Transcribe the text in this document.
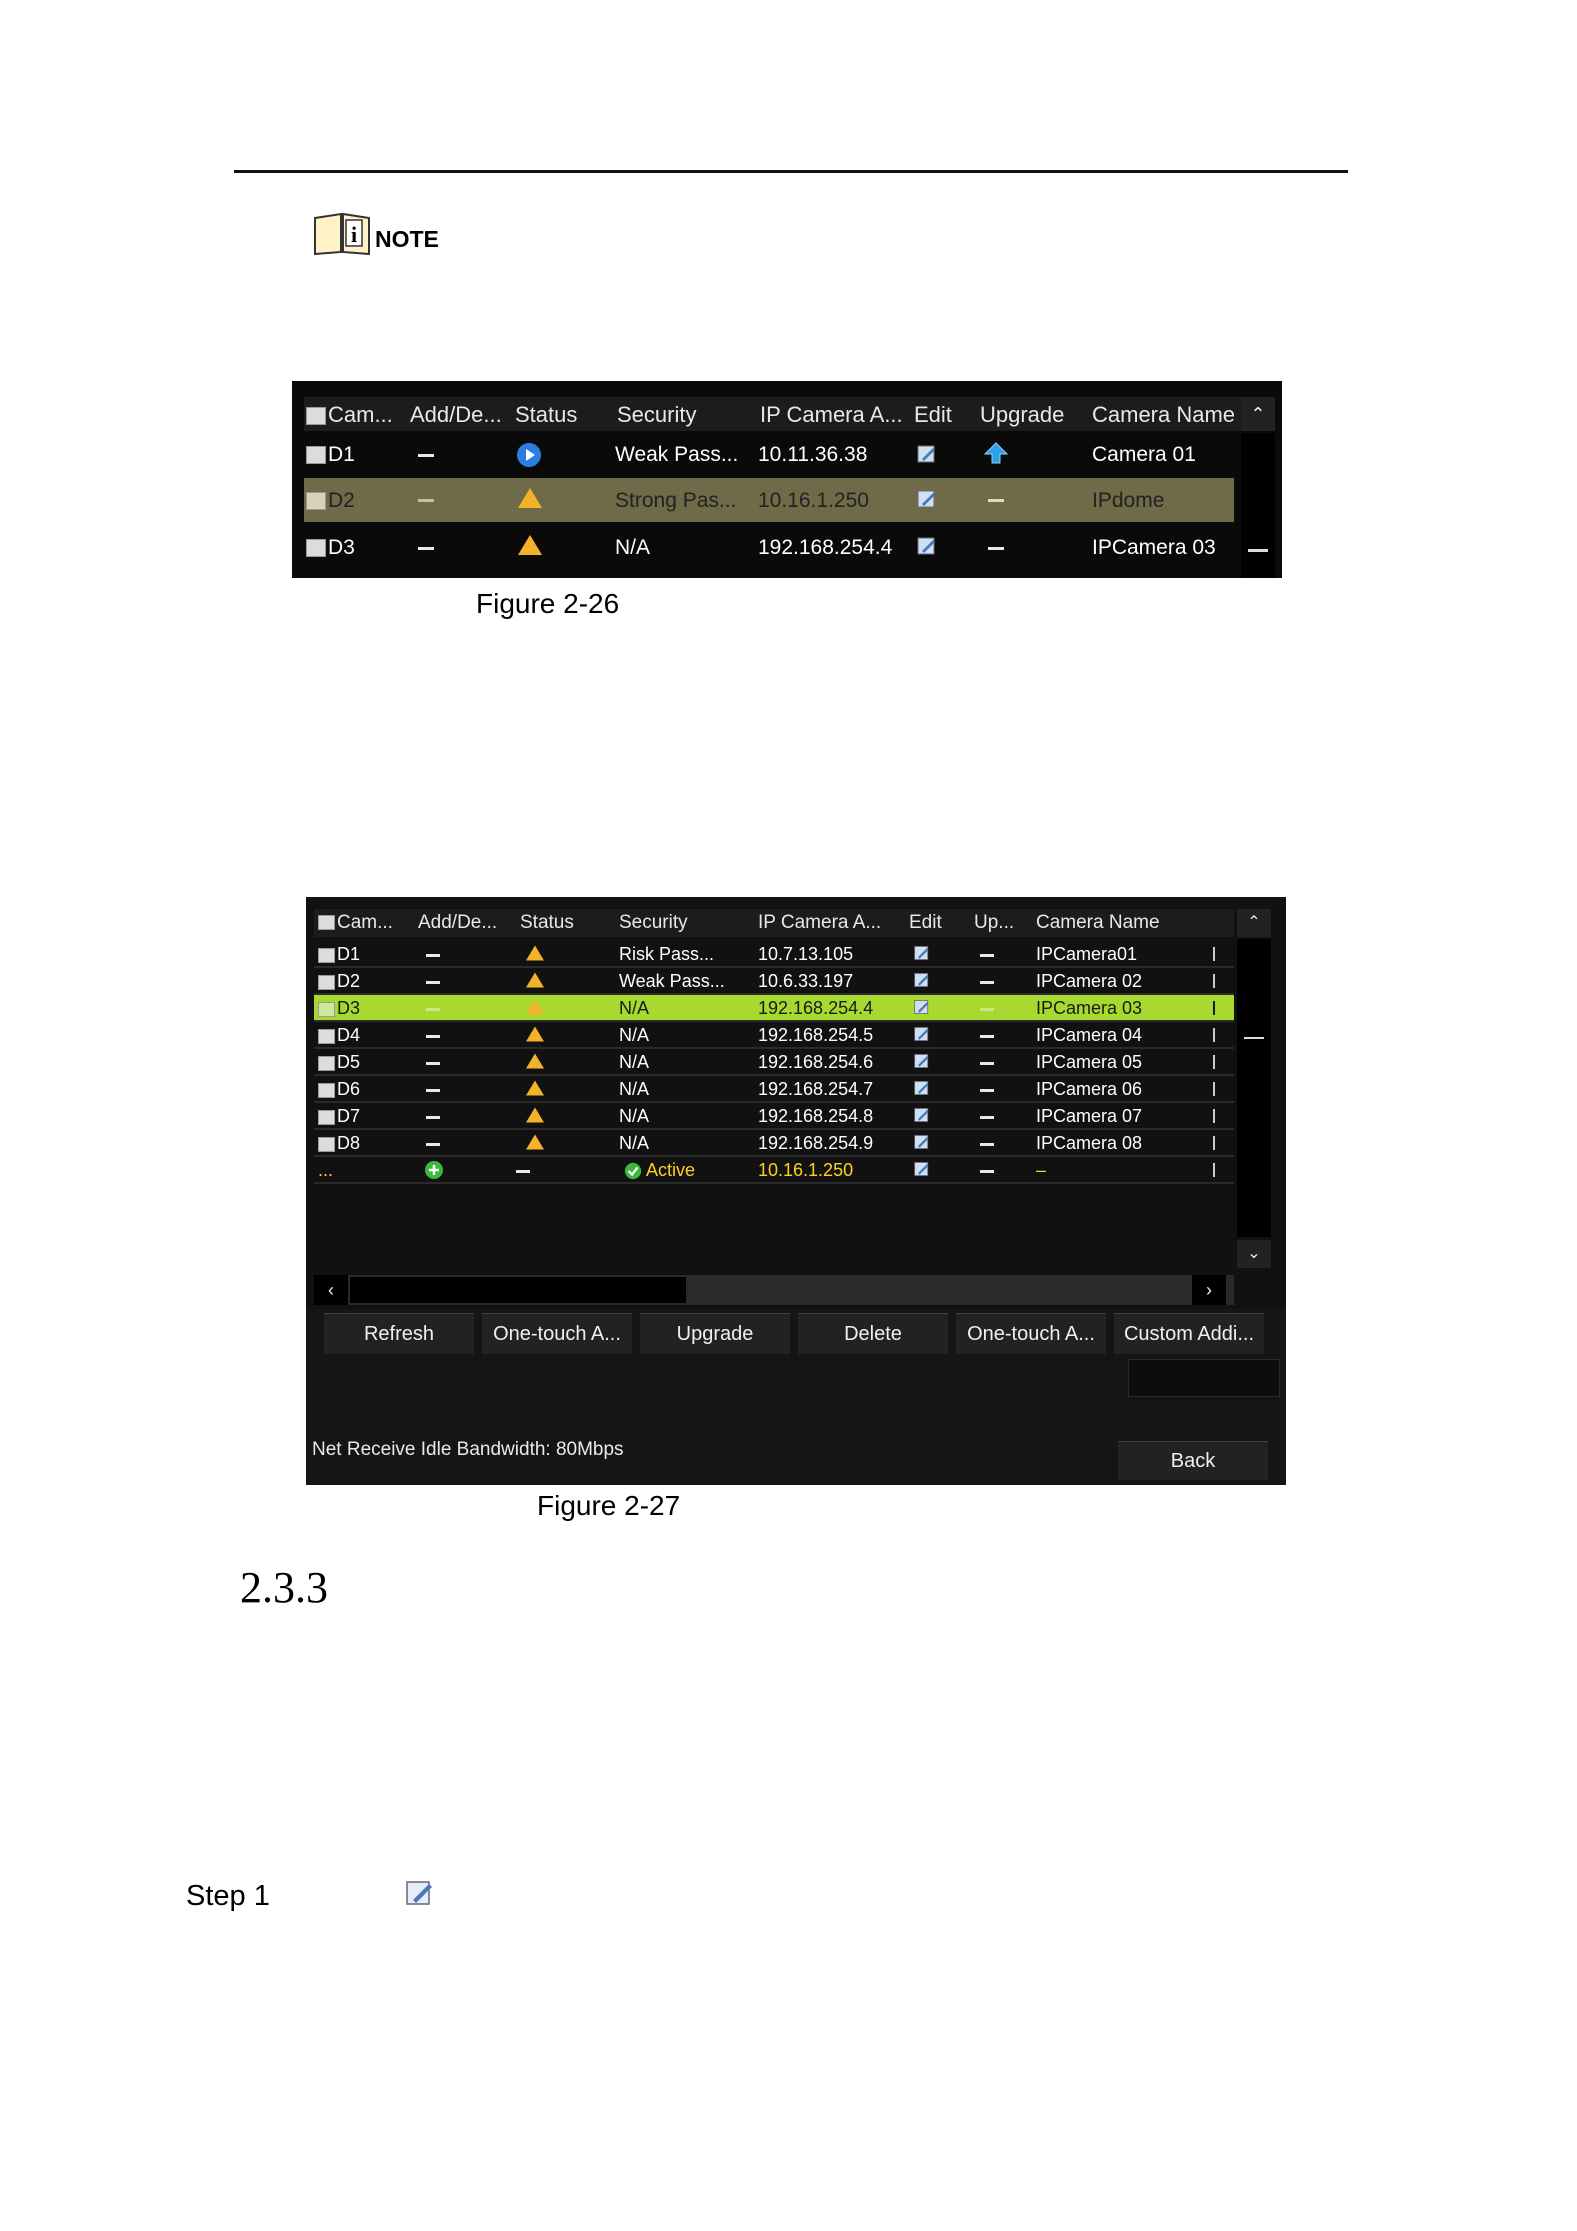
i NOTE
Cam... Add/De... Status	Security	IP Camera A... Edit	Upgrade	Camera Name ⌃
D1	Weak Pass... 10.11.36.38	Camera 01
D2	Strong Pas...	10.16.1.250	IPdome
D3	N/A	192.168.254.4	IPCamera 03
Figure 2-26
Cam...	Add/De...	Status	Security	IP Camera A...	Edit	Up...	Camera Name	⌃
⌄
D1	Risk Pass...	10.7.13.105	IPCamera01
D2	Weak Pass...	10.6.33.197	IPCamera 02
D3	N/A	192.168.254.4	IPCamera 03
D4	N/A	192.168.254.5	IPCamera 04
D5	N/A	192.168.254.6	IPCamera 05
D6	N/A	192.168.254.7	IPCamera 06
D7	N/A	192.168.254.8	IPCamera 07
D8	N/A	192.168.254.9	IPCamera 08
...	Active	10.16.1.250	–
‹	›
Refresh	One-touch A...	Upgrade	Delete	One-touch A...	Custom Addi...
Net Receive Idle Bandwidth: 80Mbps	Back
Figure 2-27
2.3.3
Step 1
